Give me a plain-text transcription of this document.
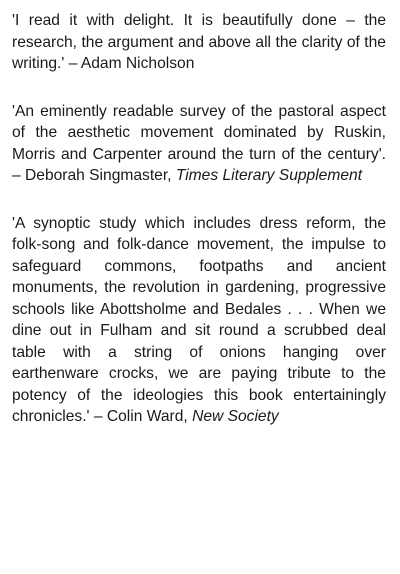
'I read it with delight. It is beautifully done – the research, the argument and above all the clarity of the writing.' – Adam Nicholson

'An eminently readable survey of the pastoral aspect of the aesthetic movement dominated by Ruskin, Morris and Carpenter around the turn of the century'. – Deborah Singmaster, Times Literary Supplement

'A synoptic study which includes dress reform, the folk-song and folk-dance movement, the impulse to safeguard commons, footpaths and ancient monuments, the revolution in gardening, progressive schools like Abottsholme and Bedales . . . When we dine out in Fulham and sit round a scrubbed deal table with a string of onions hanging over earthenware crocks, we are paying tribute to the potency of the ideologies this book entertainingly chronicles.' – Colin Ward, New Society
